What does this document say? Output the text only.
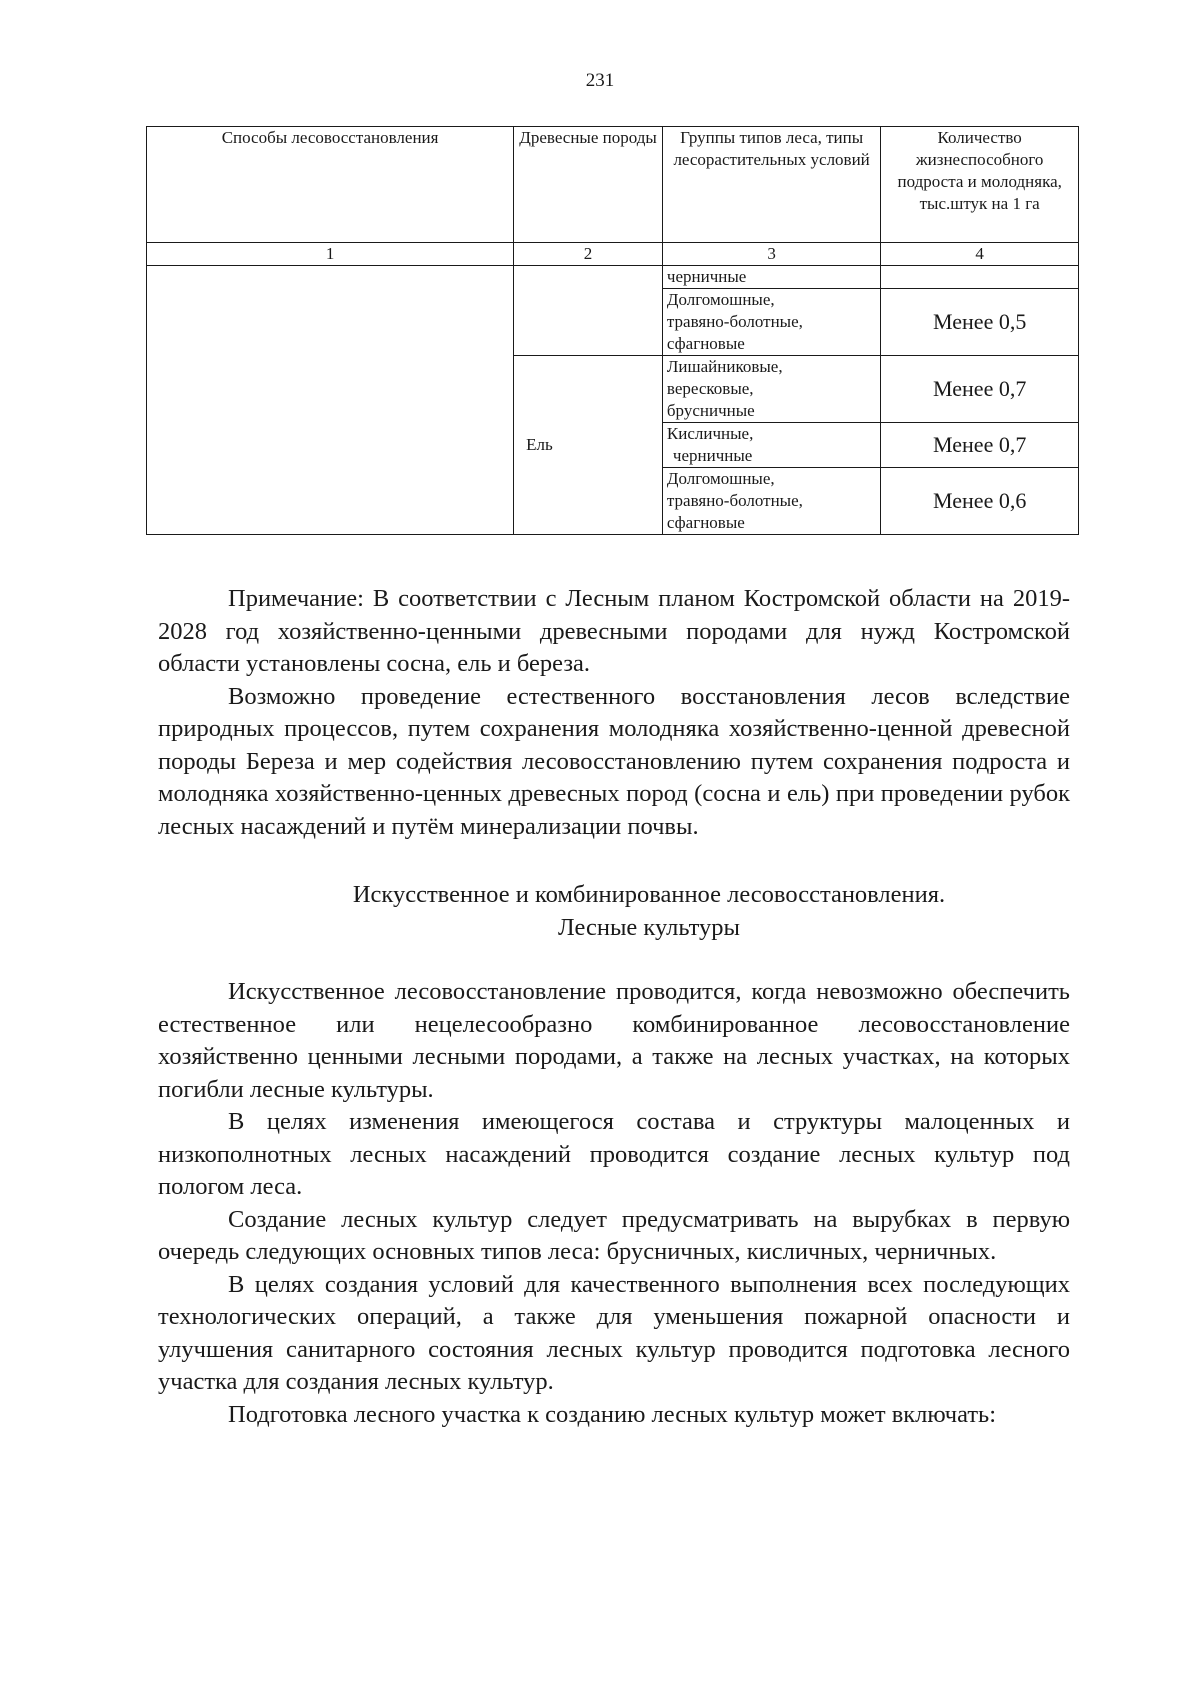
231
Способы лесовосстановления	Древесные породы	Группы типов леса, типы лесорастительных условий	Количество жизнеспособного подроста и молодняка, тыс.штук на 1 га
1	2	3	4

		черничные	

		Долгомошные,
травяно-болотные,
сфагновые	Менее 0,5
	Ель	Лишайниковые,
вересковые,
брусничные	Менее 0,7

		Кисличные,
черничные	Менее 0,7

		Долгомошные,
травяно-болотные,
сфагновые	Менее 0,6

Примечание: В соответствии с Лесным планом Костромской области на 2019-2028 год хозяйственно-ценными древесными породами для нужд Костромской области установлены сосна, ель и береза.

Возможно проведение естественного восстановления лесов вследствие природных процессов, путем сохранения молодняка хозяйственно-ценной древесной породы Береза и мер содействия лесовосстановлению путем сохранения подроста и молодняка хозяйственно-ценных древесных пород (сосна и ель) при проведении рубок лесных насаждений и путём минерализации почвы.

Искусственное и комбинированное лесовосстановления.
Лесные культуры

Искусственное лесовосстановление проводится, когда невозможно обеспечить естественное или нецелесообразно комбинированное лесовосстановление хозяйственно ценными лесными породами, а также на лесных участках, на которых погибли лесные культуры.

В целях изменения имеющегося состава и структуры малоценных и низкополнотных лесных насаждений проводится создание лесных культур под пологом леса.

Создание лесных культур следует предусматривать на вырубках в первую очередь следующих основных типов леса: брусничных, кисличных, черничных.

В целях создания условий для качественного выполнения всех последующих технологических операций, а также для уменьшения пожарной опасности и улучшения санитарного состояния лесных культур проводится подготовка лесного участка для создания лесных культур.

Подготовка лесного участка к созданию лесных культур может включать:
